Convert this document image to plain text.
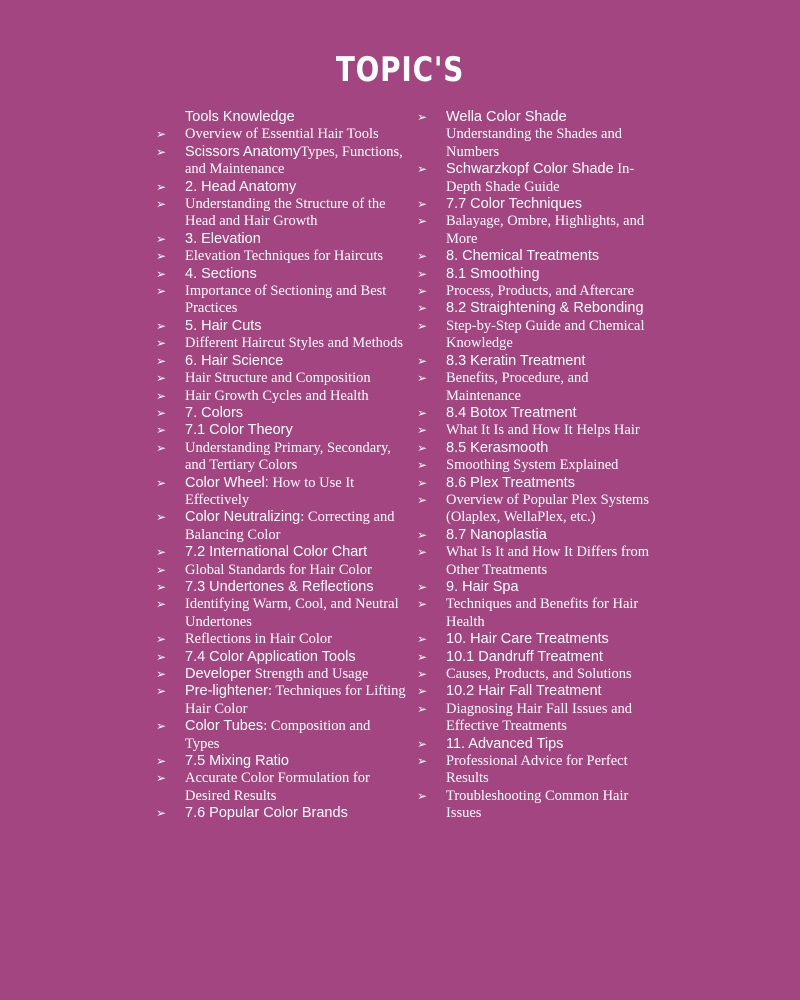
TOPIC'S

Tools Knowledge

➢ Overview of Essential Hair Tools
➢ Scissors AnatomyTypes, Functions, and Maintenance
➢ 2. Head Anatomy
➢ Understanding the Structure of the Head and Hair Growth
➢ 3. Elevation
➢ Elevation Techniques for Haircuts
➢ 4. Sections
➢ Importance of Sectioning and Best Practices
➢ 5. Hair Cuts
➢ Different Haircut Styles and Methods
➢ 6. Hair Science
➢ Hair Structure and Composition
➢ Hair Growth Cycles and Health
➢ 7. Colors
➢ 7.1 Color Theory
➢ Understanding Primary, Secondary, and Tertiary Colors
➢ Color Wheel: How to Use It Effectively
➢ Color Neutralizing: Correcting and Balancing Color
➢ 7.2 International Color Chart
➢ Global Standards for Hair Color
➢ 7.3 Undertones & Reflections
➢ Identifying Warm, Cool, and Neutral Undertones
➢ Reflections in Hair Color
➢ 7.4 Color Application Tools
➢ Developer Strength and Usage
➢ Pre-lightener: Techniques for Lifting Hair Color
➢ Color Tubes: Composition and Types
➢ 7.5 Mixing Ratio
➢ Accurate Color Formulation for Desired Results
➢ 7.6 Popular Color Brands
➢ Wella Color Shade
Understanding the Shades and Numbers
➢ Schwarzkopf Color Shade In-Depth Shade Guide
➢ 7.7 Color Techniques
➢ Balayage, Ombre, Highlights, and More
➢ 8. Chemical Treatments
➢ 8.1 Smoothing
➢ Process, Products, and Aftercare
➢ 8.2 Straightening & Rebonding
➢ Step-by-Step Guide and Chemical Knowledge
➢ 8.3 Keratin Treatment
➢ Benefits, Procedure, and Maintenance
➢ 8.4 Botox Treatment
➢ What It Is and How It Helps Hair
➢ 8.5 Kerasmooth
➢ Smoothing System Explained
➢ 8.6 Plex Treatments
➢ Overview of Popular Plex Systems (Olaplex, WellaPlex, etc.)
➢ 8.7 Nanoplastia
➢ What Is It and How It Differs from Other Treatments
➢ 9. Hair Spa
➢ Techniques and Benefits for Hair Health
➢ 10. Hair Care Treatments
➢ 10.1 Dandruff Treatment
➢ Causes, Products, and Solutions
➢ 10.2 Hair Fall Treatment
➢ Diagnosing Hair Fall Issues and Effective Treatments
➢ 11. Advanced Tips
➢ Professional Advice for Perfect Results
➢ Troubleshooting Common Hair Issues
